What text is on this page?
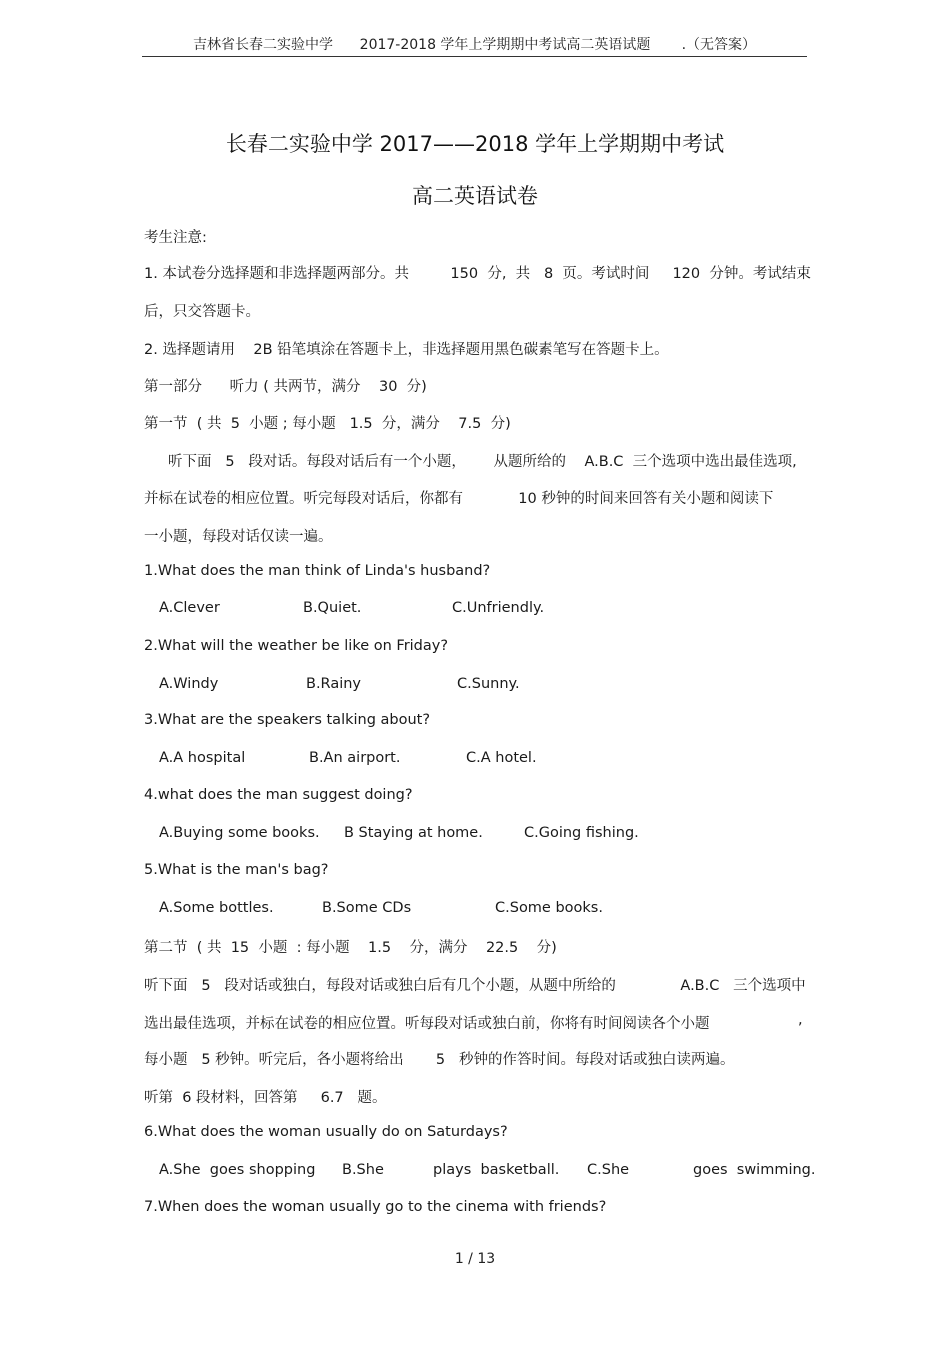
吉林省长春二实验中学      2017-2018 学年上学期期中考试高二英语试题       .（无答案）
长春二实验中学 2017——2018 学年上学期期中考试
高二英语试卷
考生注意:
1. 本试卷分选择题和非选择题两部分。共         150  分,  共   8  页。考试时间     120  分钟。考试结束
后，只交答题卡。
2. 选择题请用    2B 铅笔填涂在答题卡上，非选择题用黑色碳素笔写在答题卡上。
第一部分      听力 ( 共两节，满分    30  分)
第一节  ( 共  5  小题 ; 每小题   1.5  分，满分    7.5  分)
听下面   5   段对话。每段对话后有一个小题，      从题所给的    A.B.C  三个选项中选出最佳选项,
并标在试卷的相应位置。听完每段对话后，你都有            10 秒钟的时间来回答有关小题和阅读下
一小题，每段对话仅读一遍。
1.What does the man think of Linda's husband?
A.Clever	B.Quiet.	C.Unfriendly.
2.What will the weather be like on Friday?
A.Windy	B.Rainy	C.Sunny.
3.What are the speakers talking about?
A.A hospital	B.An airport.	C.A hotel.
4.what does the man suggest doing?
A.Buying some books. B Staying at home.	C.Going fishing.
5.What is the man's bag?
A.Some bottles.	B.Some CDs	C.Some books.
第二节  ( 共  15  小题  : 每小题    1.5    分，满分    22.5    分)
听下面   5   段对话或独白，每段对话或独白后有几个小题，从题中所给的              A.B.C   三个选项中
选出最佳选项，并标在试卷的相应位置。听每段对话或独白前，你将有时间阅读各个小题	,
每小题   5 秒钟。听完后，各小题将给出       5   秒钟的作答时间。每段对话或独白读两遍。
听第  6 段材料，回答第     6.7   题。
6.What does the woman usually do on Saturdays?
A.She  goes shopping B.She	plays  basketball. C.She	goes  swimming.
7.When does the woman usually go to the cinema with friends?
1 / 13
